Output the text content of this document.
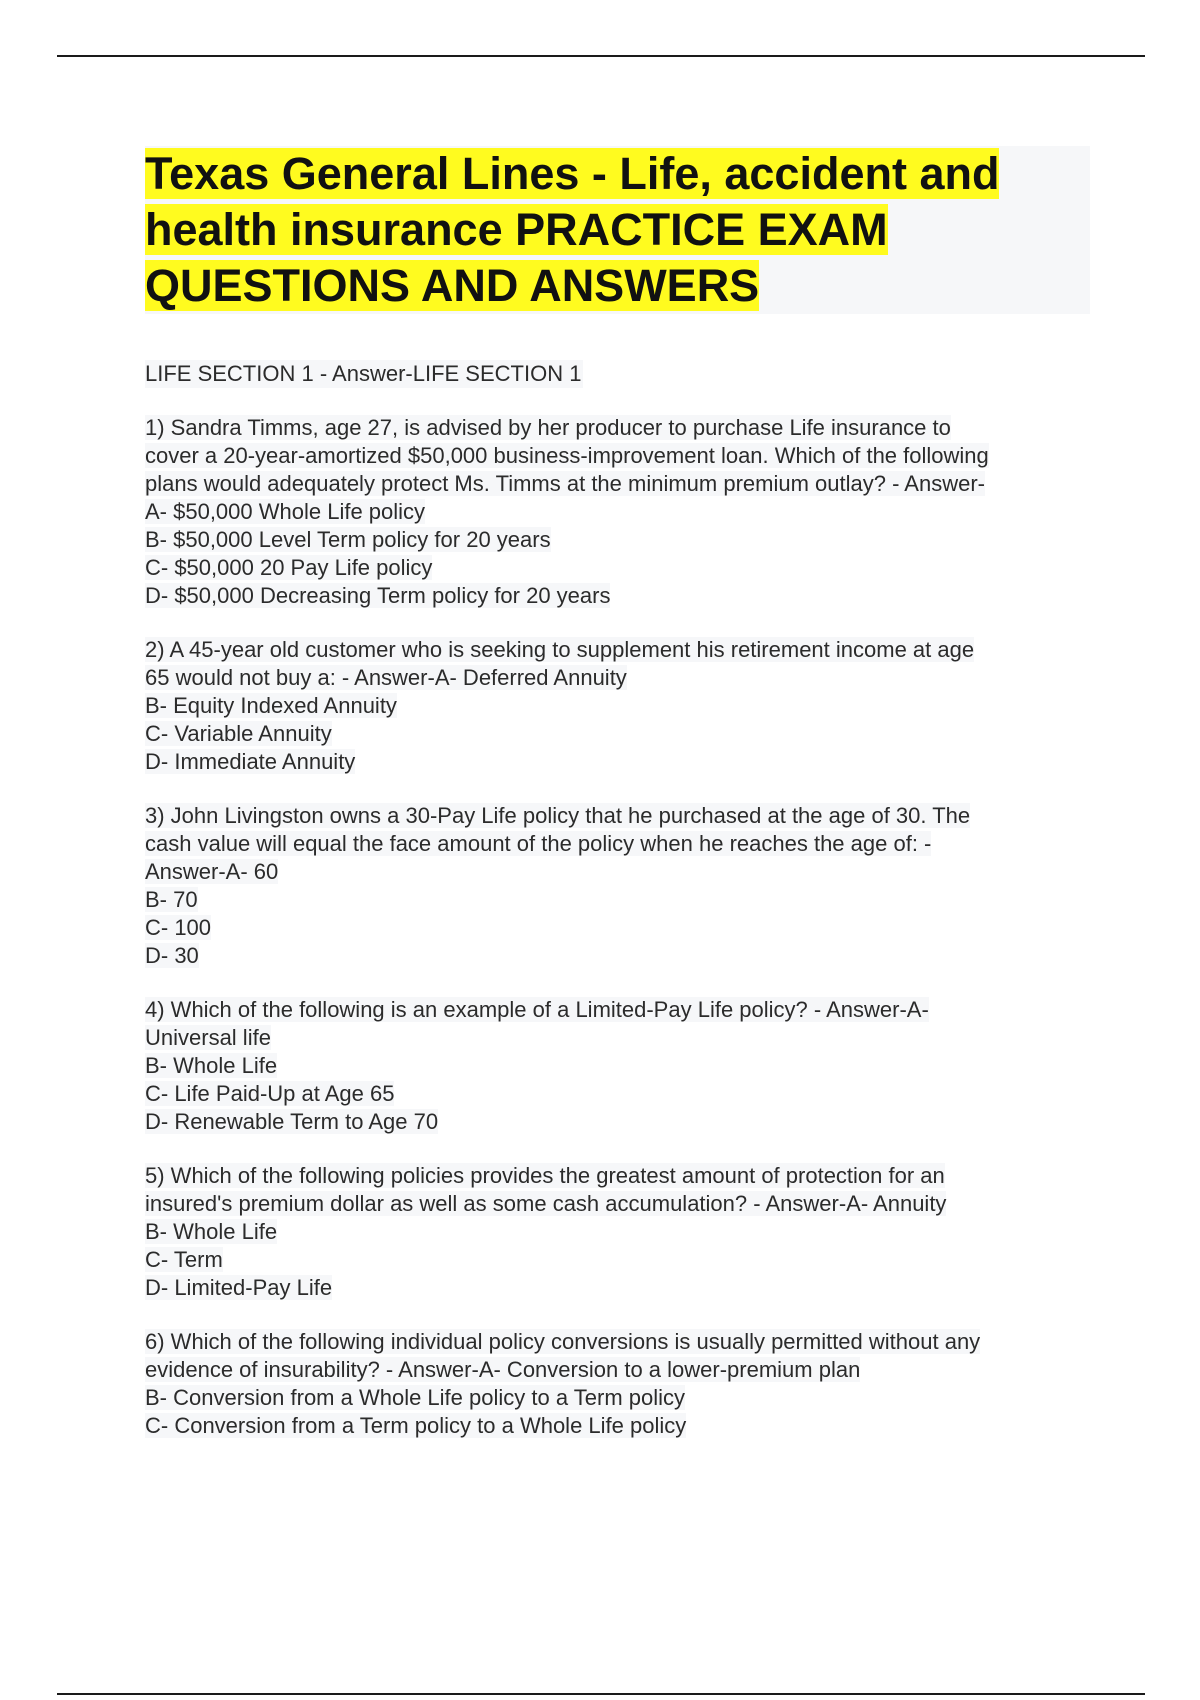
Texas General Lines - Life, accident and health insurance PRACTICE EXAM QUESTIONS AND ANSWERS
LIFE SECTION 1 - Answer-LIFE SECTION 1
1) Sandra Timms, age 27, is advised by her producer to purchase Life insurance to
cover a 20-year-amortized $50,000 business-improvement loan. Which of the following
plans would adequately protect Ms. Timms at the minimum premium outlay? - Answer-
A- $50,000 Whole Life policy
B- $50,000 Level Term policy for 20 years
C- $50,000 20 Pay Life policy
D- $50,000 Decreasing Term policy for 20 years
2) A 45-year old customer who is seeking to supplement his retirement income at age
65 would not buy a: - Answer-A- Deferred Annuity
B- Equity Indexed Annuity
C- Variable Annuity
D- Immediate Annuity
3) John Livingston owns a 30-Pay Life policy that he purchased at the age of 30. The
cash value will equal the face amount of the policy when he reaches the age of: -
Answer-A- 60
B- 70
C- 100
D- 30
4) Which of the following is an example of a Limited-Pay Life policy? - Answer-A-
Universal life
B- Whole Life
C- Life Paid-Up at Age 65
D- Renewable Term to Age 70
5) Which of the following policies provides the greatest amount of protection for an
insured's premium dollar as well as some cash accumulation? - Answer-A- Annuity
B- Whole Life
C- Term
D- Limited-Pay Life
6) Which of the following individual policy conversions is usually permitted without any
evidence of insurability? - Answer-A- Conversion to a lower-premium plan
B- Conversion from a Whole Life policy to a Term policy
C- Conversion from a Term policy to a Whole Life policy
